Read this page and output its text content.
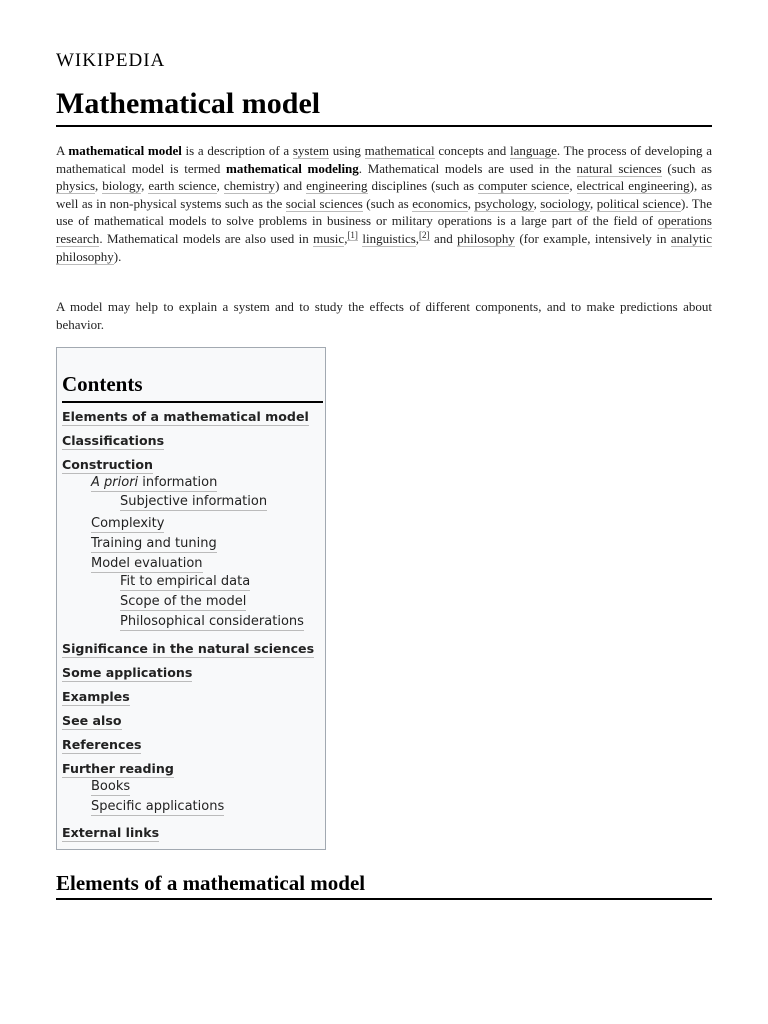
WIKIPEDIA
Mathematical model
A mathematical model is a description of a system using mathematical concepts and language. The process of developing a mathematical model is termed mathematical modeling. Mathematical models are used in the natural sciences (such as physics, biology, earth science, chemistry) and engineering disciplines (such as computer science, electrical engineering), as well as in non-physical systems such as the social sciences (such as economics, psychology, sociology, political science). The use of mathematical models to solve problems in business or military operations is a large part of the field of operations research. Mathematical models are also used in music,[1] linguistics,[2] and philosophy (for example, intensively in analytic philosophy).
A model may help to explain a system and to study the effects of different components, and to make predictions about behavior.
Contents
Elements of a mathematical model
Classifications
Construction
A priori information
Subjective information
Complexity
Training and tuning
Model evaluation
Fit to empirical data
Scope of the model
Philosophical considerations
Significance in the natural sciences
Some applications
Examples
See also
References
Further reading
Books
Specific applications
External links
Elements of a mathematical model
